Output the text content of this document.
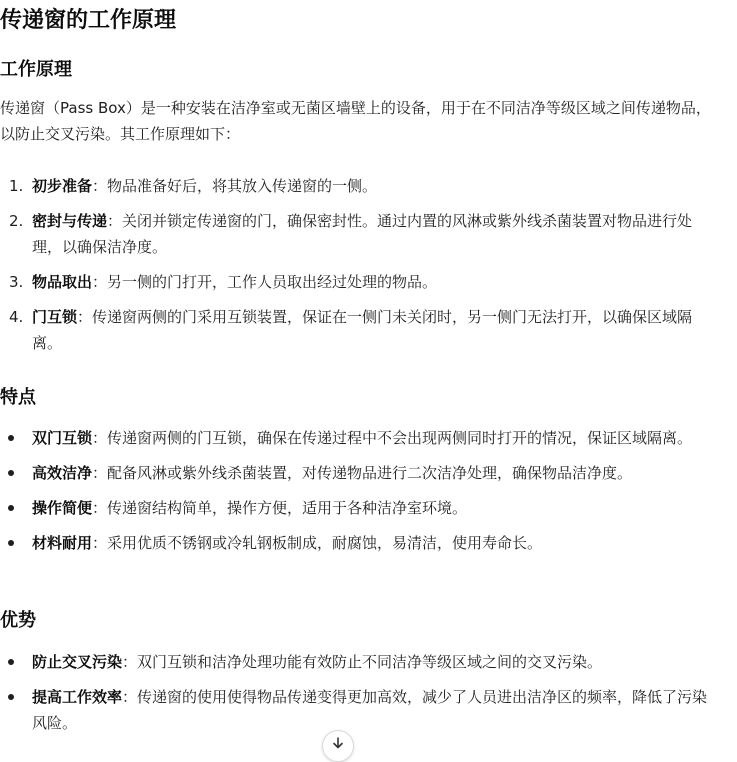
传递窗的工作原理
工作原理

传递窗（Pass Box）是一种安装在洁净室或无菌区墙壁上的设备，用于在不同洁净等级区域之间传递物品，以防止交叉污染。其工作原理如下：

1. 初步准备：物品准备好后，将其放入传递窗的一侧。
2. 密封与传递：关闭并锁定传递窗的门，确保密封性。通过内置的风淋或紫外线杀菌装置对物品进行处理，以确保洁净度。
3. 物品取出：另一侧的门打开，工作人员取出经过处理的物品。
4. 门互锁：传递窗两侧的门采用互锁装置，保证在一侧门未关闭时，另一侧门无法打开，以确保区域隔离。
特点
双门互锁：传递窗两侧的门互锁，确保在传递过程中不会出现两侧同时打开的情况，保证区域隔离。
高效洁净：配备风淋或紫外线杀菌装置，对传递物品进行二次洁净处理，确保物品洁净度。
操作简便：传递窗结构简单，操作方便，适用于各种洁净室环境。
材料耐用：采用优质不锈钢或冷轧钢板制成，耐腐蚀，易清洁，使用寿命长。
优势
防止交叉污染：双门互锁和洁净处理功能有效防止不同洁净等级区域之间的交叉污染。
提高工作效率：传递窗的使用使得物品传递变得更加高效，减少了人员进出洁净区的频率，降低了污染风险。
